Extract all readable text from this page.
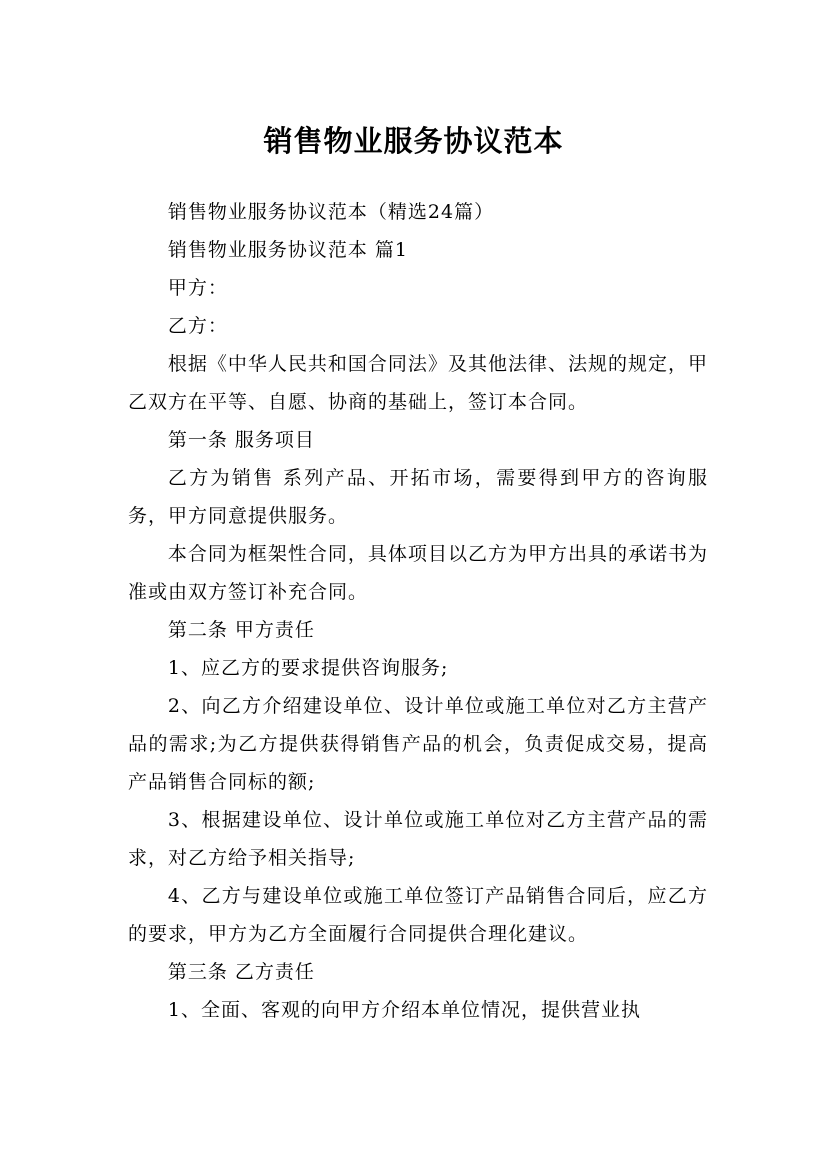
销售物业服务协议范本

销售物业服务协议范本（精选24篇）

销售物业服务协议范本 篇1

甲方：

乙方：

根据《中华人民共和国合同法》及其他法律、法规的规定，甲乙双方在平等、自愿、协商的基础上，签订本合同。

第一条 服务项目

乙方为销售 系列产品、开拓市场，需要得到甲方的咨询服务，甲方同意提供服务。

本合同为框架性合同，具体项目以乙方为甲方出具的承诺书为准或由双方签订补充合同。

第二条 甲方责任

1、应乙方的要求提供咨询服务;

2、向乙方介绍建设单位、设计单位或施工单位对乙方主营产品的需求;为乙方提供获得销售产品的机会，负责促成交易，提高产品销售合同标的额;

3、根据建设单位、设计单位或施工单位对乙方主营产品的需求，对乙方给予相关指导;

4、乙方与建设单位或施工单位签订产品销售合同后，应乙方的要求，甲方为乙方全面履行合同提供合理化建议。

第三条 乙方责任

1、全面、客观的向甲方介绍本单位情况，提供营业执
